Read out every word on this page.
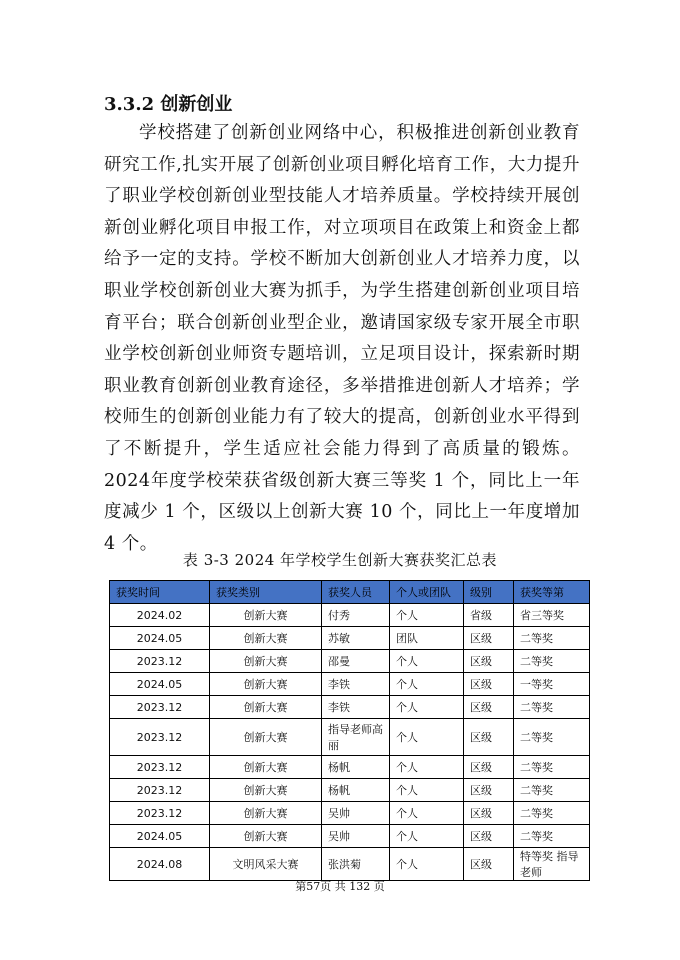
3.3.2 创新创业

学校搭建了创新创业网络中心，积极推进创新创业教育研究工作,扎实开展了创新创业项目孵化培育工作，大力提升了职业学校创新创业型技能人才培养质量。学校持续开展创新创业孵化项目申报工作，对立项项目在政策上和资金上都给予一定的支持。学校不断加大创新创业人才培养力度，以职业学校创新创业大赛为抓手，为学生搭建创新创业项目培育平台；联合创新创业型企业，邀请国家级专家开展全市职业学校创新创业师资专题培训，立足项目设计，探索新时期职业教育创新创业教育途径，多举措推进创新人才培养；学校师生的创新创业能力有了较大的提高，创新创业水平得到了不断提升，学生适应社会能力得到了高质量的锻炼。2024年度学校荣获省级创新大赛三等奖 1 个，同比上一年度减少 1 个，区级以上创新大赛 10 个，同比上一年度增加 4 个。

表 3-3 2024 年学校学生创新大赛获奖汇总表
获奖时间	获奖类别	获奖人员	个人或团队	级别	获奖等第
2024.02	创新大赛	付秀	个人	省级	省三等奖
2024.05	创新大赛	苏敏	团队	区级	二等奖
2023.12	创新大赛	邵曼	个人	区级	二等奖
2024.05	创新大赛	李铁	个人	区级	一等奖
2023.12	创新大赛	李铁	个人	区级	二等奖
2023.12	创新大赛	指导老师高丽	个人	区级	二等奖
2023.12	创新大赛	杨帆	个人	区级	二等奖
2023.12	创新大赛	杨帆	个人	区级	二等奖
2023.12	创新大赛	吴帅	个人	区级	二等奖
2024.05	创新大赛	吴帅	个人	区级	二等奖
2024.08	文明风采大赛	张洪菊	个人	区级	特等奖 指导老师
第57页 共 132 页
